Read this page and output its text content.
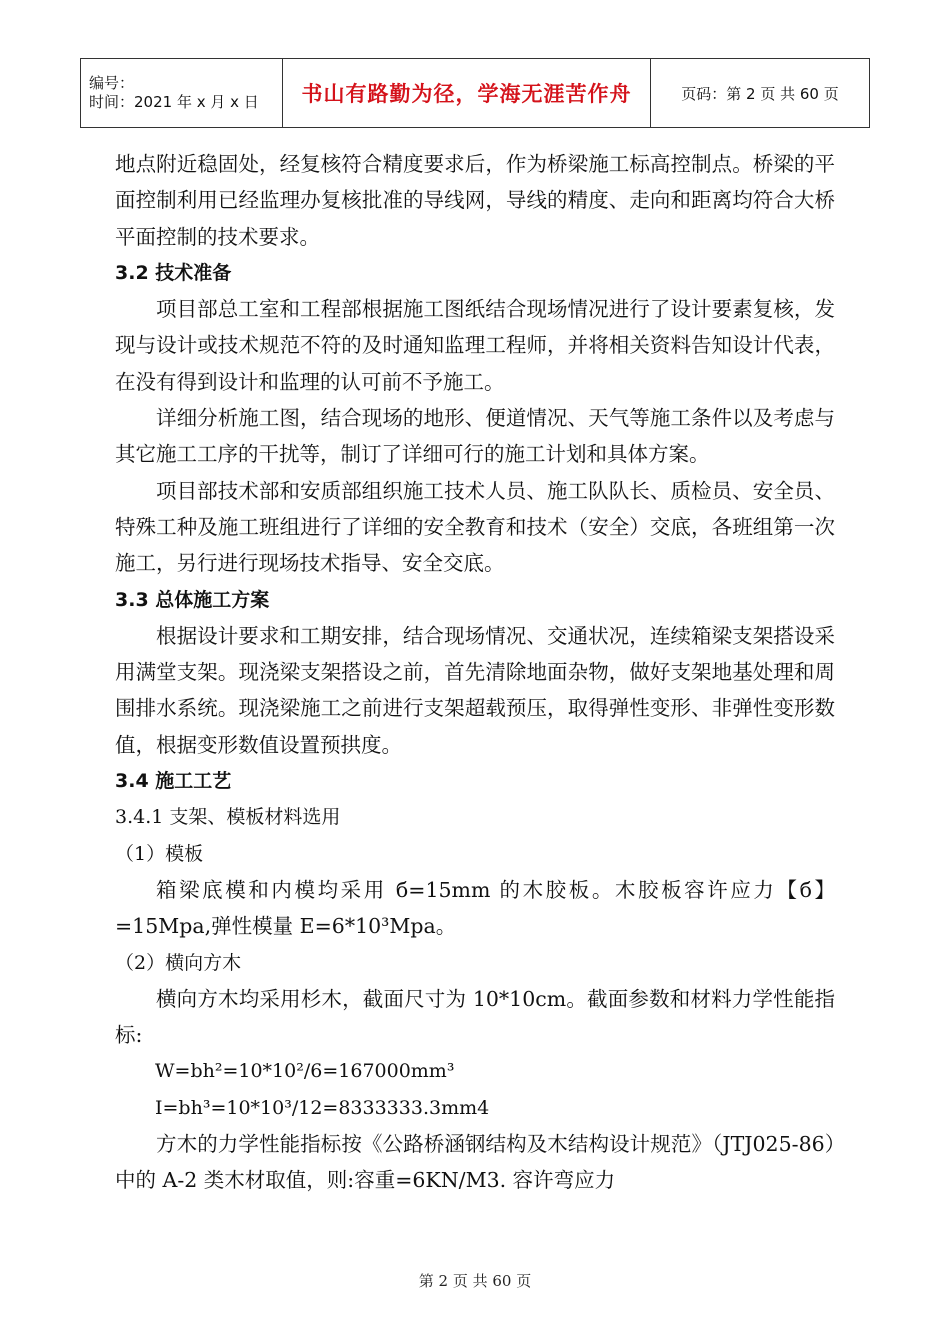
编号：
时间：2021 年 x 月 x 日	书山有路勤为径，学海无涯苦作舟	页码：第 2 页 共 60 页

地点附近稳固处，经复核符合精度要求后，作为桥梁施工标高控制点。桥梁的平面控制利用已经监理办复核批准的导线网，导线的精度、走向和距离均符合大桥平面控制的技术要求。

3.2 技术准备

项目部总工室和工程部根据施工图纸结合现场情况进行了设计要素复核，发现与设计或技术规范不符的及时通知监理工程师，并将相关资料告知设计代表，在没有得到设计和监理的认可前不予施工。

详细分析施工图，结合现场的地形、便道情况、天气等施工条件以及考虑与其它施工工序的干扰等，制订了详细可行的施工计划和具体方案。

项目部技术部和安质部组织施工技术人员、施工队队长、质检员、安全员、特殊工种及施工班组进行了详细的安全教育和技术（安全）交底，各班组第一次施工，另行进行现场技术指导、安全交底。

3.3 总体施工方案

根据设计要求和工期安排，结合现场情况、交通状况，连续箱梁支架搭设采用满堂支架。现浇梁支架搭设之前，首先清除地面杂物，做好支架地基处理和周围排水系统。现浇梁施工之前进行支架超载预压，取得弹性变形、非弹性变形数值，根据变形数值设置预拱度。

3.4 施工工艺

3.4.1 支架、模板材料选用

（1）模板

箱梁底模和内模均采用 б=15mm 的木胶板。木胶板容许应力【б】=15Mpa,弹性模量 E=6*10³Mpa。

（2）横向方木

横向方木均采用杉木，截面尺寸为 10*10cm。截面参数和材料力学性能指标:

W=bh²=10*10²/6=167000mm³

I=bh³=10*10³/12=8333333.3mm4

方木的力学性能指标按《公路桥涵钢结构及木结构设计规范》（JTJ025-86）中的 A-2 类木材取值，则:容重=6KN/M3. 容许弯应力

第 2 页 共 60 页
